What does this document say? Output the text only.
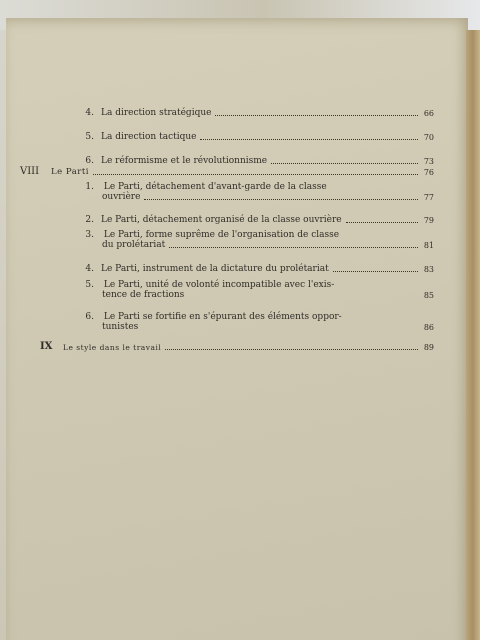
4. La direction stratégique	66
5. La direction tactique	70
6. Le réformisme et le révolutionnisme	73
VIII	Le Parti	76
1. Le Parti, détachement d'avant-garde de la classe
ouvrière	77
2. Le Parti, détachement organisé de la classe ouvrière	79
3. Le Parti, forme suprême de l'organisation de classe
du prolétariat	81
4. Le Parti, instrument de la dictature du prolétariat	83
5. Le Parti, unité de volonté incompatible avec l'exis-
tence de fractions	85
6. Le Parti se fortifie en s'épurant des éléments oppor-
tunistes	86
IX	Le style dans le travail	89
